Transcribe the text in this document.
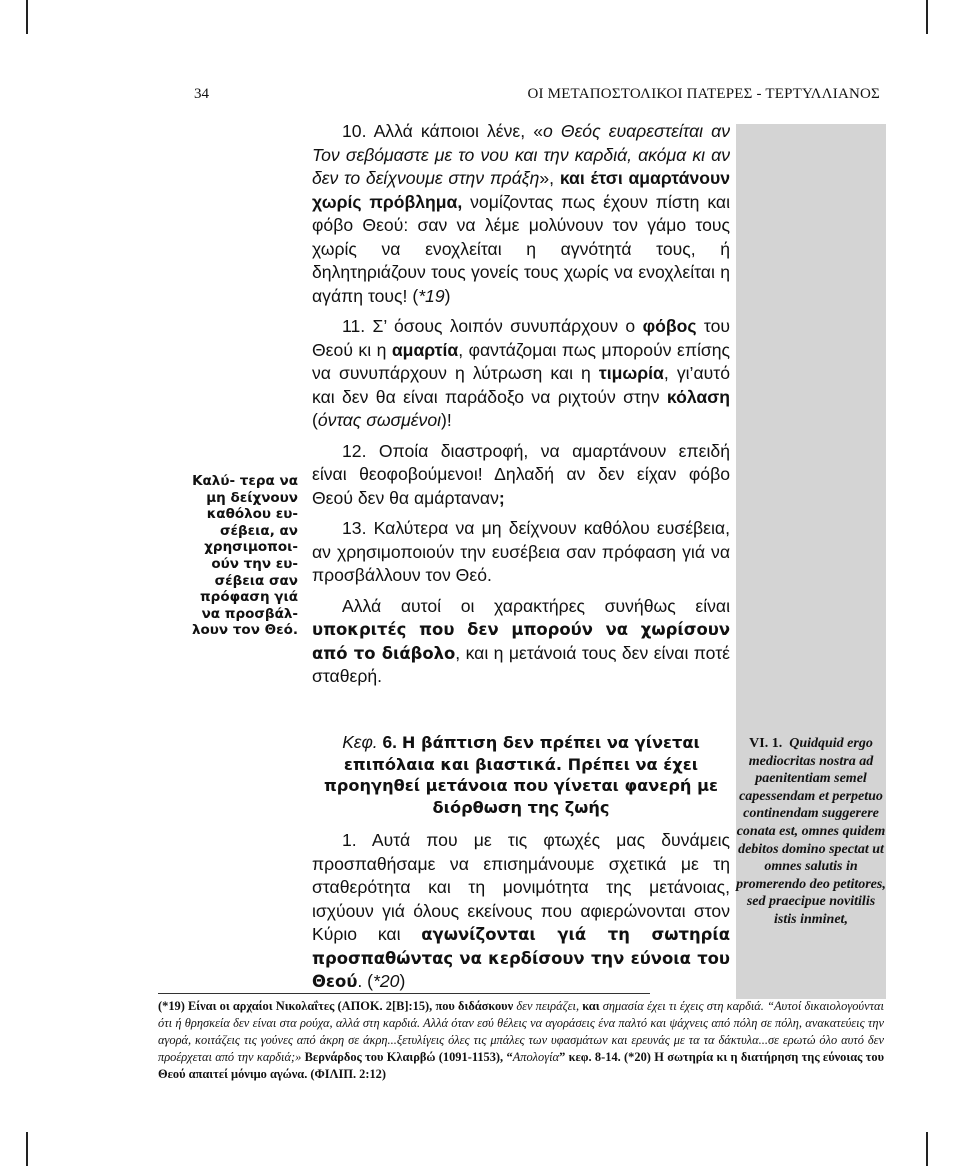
34	ΟΙ ΜΕΤΑΠΟΣΤΟΛΙΚΟΙ ΠΑΤΕΡΕΣ - ΤΕΡΤΥΛΛΙΑΝΟΣ
VI. 1. Quidquid ergo mediocritas nostra ad paenitentiam semel capessendam et perpetuo continendam suggerere conata est, omnes quidem debitos domino spectat ut omnes salutis in promerendo deo petitores, sed praecipue novitilis istis inminet,
Καλύ- τερα να μη δείχνουν καθόλου ευ- σέβεια, αν χρησιμοποι- ούν την ευ- σέβεια σαν πρόφαση γιά να προσβάλ- λουν τον Θεό.

10. Αλλά κάποιοι λένε, «ο Θεός ευαρεστείται αν Τον σεβόμαστε με το νου και την καρδιά, ακόμα κι αν δεν το δείχνουμε στην πράξη», και έτσι αμαρτάνουν χωρίς πρόβλημα, νομίζοντας πως έχουν πίστη και φόβο Θεού: σαν να λέμε μολύνουν τον γάμο τους χωρίς να ενοχλείται η αγνότητά τους, ή δηλητηριάζουν τους γονείς τους χωρίς να ενοχλείται η αγάπη τους! (*19)

11. Σ’ όσους λοιπόν συνυπάρχουν ο φόβος του Θεού κι η αμαρτία, φαντάζομαι πως μπορούν επίσης να συνυπάρχουν η λύτρωση και η τιμωρία, γι’αυτό και δεν θα είναι παράδοξο να ριχτούν στην κόλαση (όντας σωσμένοι)!

12. Οποία διαστροφή, να αμαρτάνουν επειδή είναι θεοφοβούμενοι! Δηλαδή αν δεν είχαν φόβο Θεού δεν θα αμάρταναν;

13. Καλύτερα να μη δείχνουν καθόλου ευσέβεια, αν χρησιμοποιούν την ευσέβεια σαν πρόφαση γιά να προσβάλλουν τον Θεό.

Αλλά αυτοί οι χαρακτήρες συνήθως είναι υποκριτές που δεν μπορούν να χωρίσουν από το διάβολο, και η μετάνοιά τους δεν είναι ποτέ σταθερή.

Κεφ. 6. Η βάπτιση δεν πρέπει να γίνεται επιπόλαια και βιαστικά. Πρέπει να έχει προηγηθεί μετάνοια που γίνεται φανερή με διόρθωση της ζωής

1. Αυτά που με τις φτωχές μας δυνάμεις προσπαθήσαμε να επισημάνουμε σχετικά με τη σταθερότητα και τη μονιμότητα της μετάνοιας, ισχύουν γιά όλους εκείνους που αφιερώνονται στον Κύριο και αγωνίζονται γιά τη σωτηρία προσπαθώντας να κερδίσουν την εύνοια του Θεού. (*20)

(*19) Είναι οι αρχαίοι Νικολαΐτες (ΑΠΟΚ. 2[Β]:15), που διδάσκουν δεν πειράζει, και σημασία έχει τι έχεις στη καρδιά. “Αυτοί δικαιολογούνται ότι ή θρησκεία δεν είναι στα ρούχα, αλλά στη καρδιά. Αλλά όταν εσύ θέλεις να αγοράσεις ένα παλτό και ψάχνεις από πόλη σε πόλη, ανακατεύεις την αγορά, κοιτάζεις τις γούνες από άκρη σε άκρη...ξετυλίγεις όλες τις μπάλες των υφασμάτων και ερευνάς με τα τα δάκτυλα...σε ερωτώ όλο αυτό δεν προέρχεται από την καρδιά;» Βερνάρδος του Κλαιρβώ (1091-1153), “Απολογία” κεφ. 8-14. (*20) Η σωτηρία κι η διατήρηση της εύνοιας του Θεού απαιτεί μόνιμο αγώνα. (ΦΙΛΙΠ. 2:12)
